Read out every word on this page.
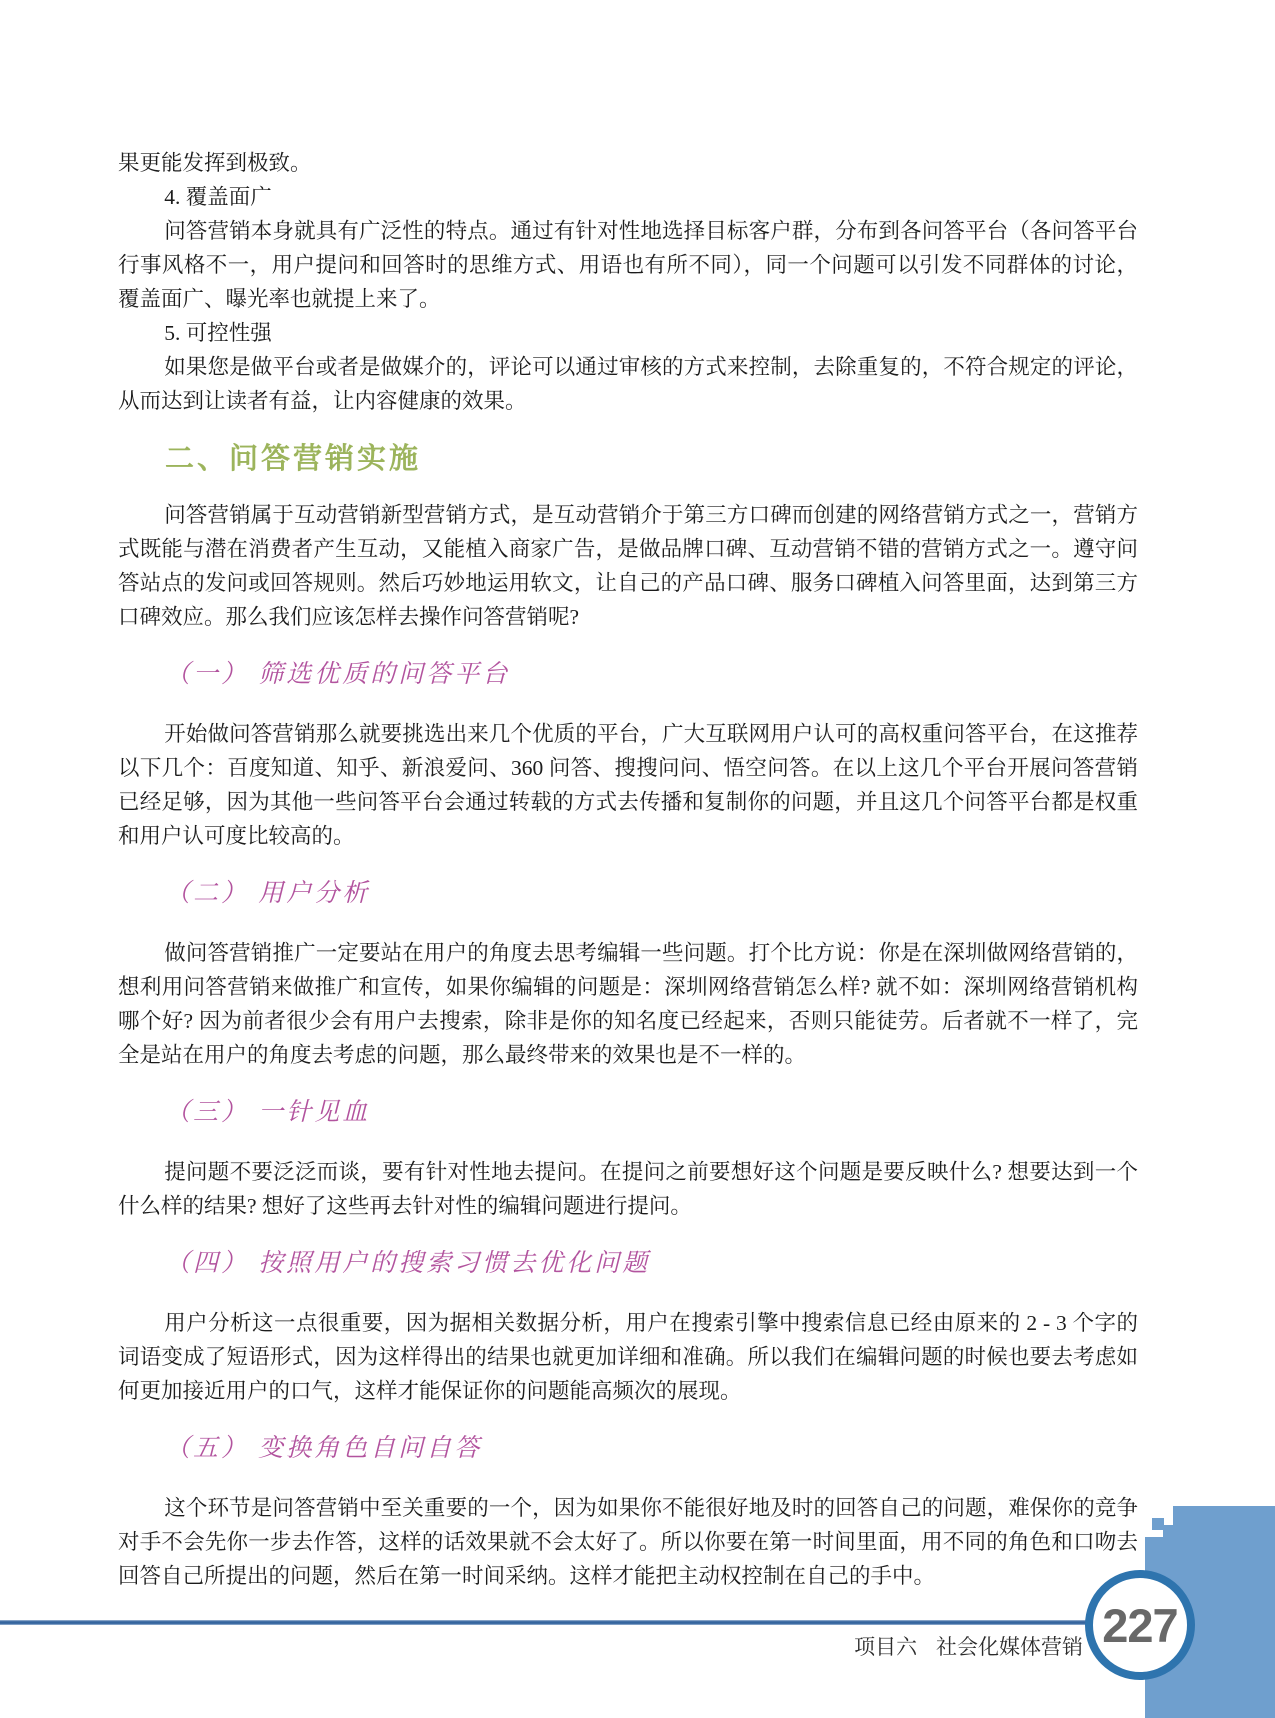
果更能发挥到极致。

4. 覆盖面广

问答营销本身就具有广泛性的特点。通过有针对性地选择目标客户群，分布到各问答平台（各问答平台行事风格不一，用户提问和回答时的思维方式、用语也有所不同），同一个问题可以引发不同群体的讨论，覆盖面广、曝光率也就提上来了。

5. 可控性强

如果您是做平台或者是做媒介的，评论可以通过审核的方式来控制，去除重复的，不符合规定的评论，从而达到让读者有益，让内容健康的效果。

二、问答营销实施

问答营销属于互动营销新型营销方式，是互动营销介于第三方口碑而创建的网络营销方式之一，营销方式既能与潜在消费者产生互动，又能植入商家广告，是做品牌口碑、互动营销不错的营销方式之一。遵守问答站点的发问或回答规则。然后巧妙地运用软文，让自己的产品口碑、服务口碑植入问答里面，达到第三方口碑效应。那么我们应该怎样去操作问答营销呢?

（一） 筛选优质的问答平台

开始做问答营销那么就要挑选出来几个优质的平台，广大互联网用户认可的高权重问答平台，在这推荐以下几个：百度知道、知乎、新浪爱问、360 问答、搜搜问问、悟空问答。在以上这几个平台开展问答营销已经足够，因为其他一些问答平台会通过转载的方式去传播和复制你的问题，并且这几个问答平台都是权重和用户认可度比较高的。

（二） 用户分析

做问答营销推广一定要站在用户的角度去思考编辑一些问题。打个比方说：你是在深圳做网络营销的，想利用问答营销来做推广和宣传，如果你编辑的问题是：深圳网络营销怎么样? 就不如：深圳网络营销机构哪个好? 因为前者很少会有用户去搜索，除非是你的知名度已经起来，否则只能徒劳。后者就不一样了，完全是站在用户的角度去考虑的问题，那么最终带来的效果也是不一样的。

（三） 一针见血

提问题不要泛泛而谈，要有针对性地去提问。在提问之前要想好这个问题是要反映什么? 想要达到一个什么样的结果? 想好了这些再去针对性的编辑问题进行提问。

（四） 按照用户的搜索习惯去优化问题

用户分析这一点很重要，因为据相关数据分析，用户在搜索引擎中搜索信息已经由原来的 2 - 3 个字的词语变成了短语形式，因为这样得出的结果也就更加详细和准确。所以我们在编辑问题的时候也要去考虑如何更加接近用户的口气，这样才能保证你的问题能高频次的展现。

（五） 变换角色自问自答

这个环节是问答营销中至关重要的一个，因为如果你不能很好地及时的回答自己的问题，难保你的竞争对手不会先你一步去作答，这样的话效果就不会太好了。所以你要在第一时间里面，用不同的角色和口吻去回答自己所提出的问题，然后在第一时间采纳。这样才能把主动权控制在自己的手中。

项目六 社会化媒体营销 227
